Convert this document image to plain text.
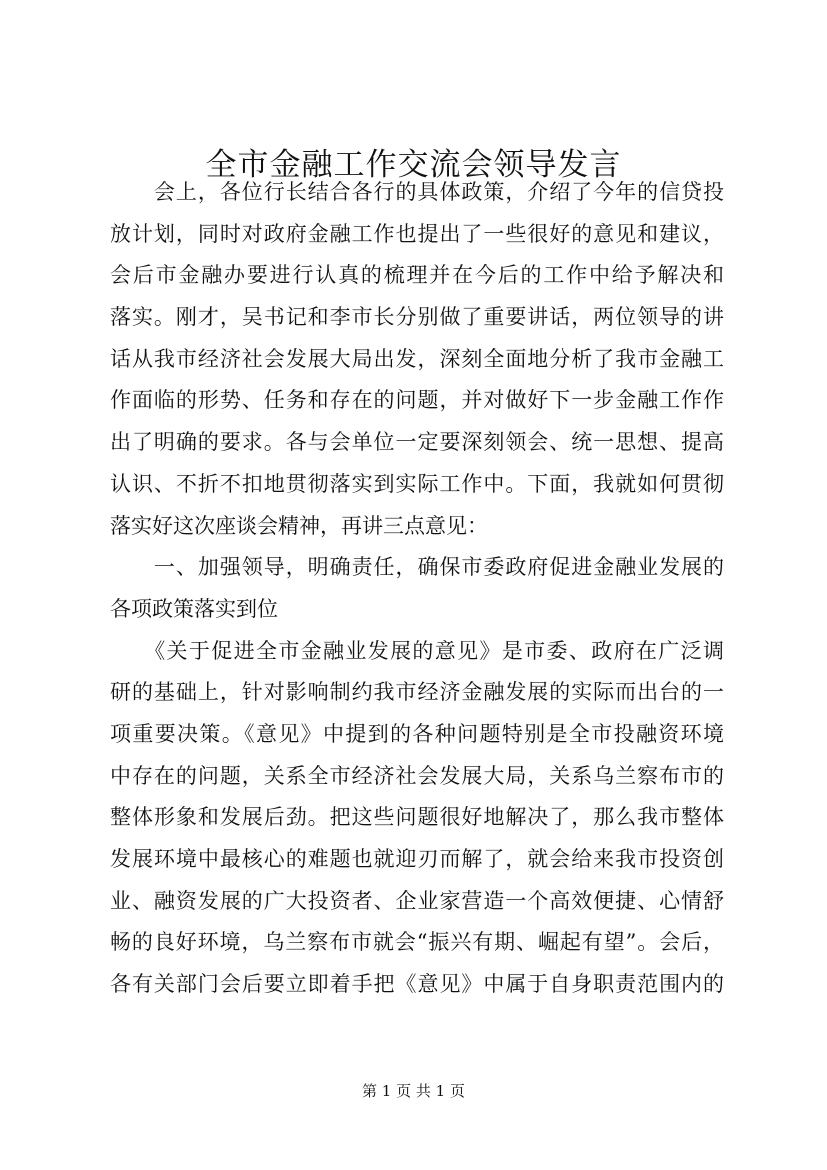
全市金融工作交流会领导发言
　　会上，各位行长结合各行的具体政策，介绍了今年的信贷投
放计划，同时对政府金融工作也提出了一些很好的意见和建议，
会后市金融办要进行认真的梳理并在今后的工作中给予解决和
落实。刚才，吴书记和李市长分别做了重要讲话，两位领导的讲
话从我市经济社会发展大局出发，深刻全面地分析了我市金融工
作面临的形势、任务和存在的问题，并对做好下一步金融工作作
出了明确的要求。各与会单位一定要深刻领会、统一思想、提高
认识、不折不扣地贯彻落实到实际工作中。下面，我就如何贯彻
落实好这次座谈会精神，再讲三点意见：
　　一、加强领导，明确责任，确保市委政府促进金融业发展的
各项政策落实到位
　　《关于促进全市金融业发展的意见》是市委、政府在广泛调
研的基础上，针对影响制约我市经济金融发展的实际而出台的一
项重要决策。《意见》中提到的各种问题特别是全市投融资环境
中存在的问题，关系全市经济社会发展大局，关系乌兰察布市的
整体形象和发展后劲。把这些问题很好地解决了，那么我市整体
发展环境中最核心的难题也就迎刃而解了，就会给来我市投资创
业、融资发展的广大投资者、企业家营造一个高效便捷、心情舒
畅的良好环境，乌兰察布市就会“振兴有期、崛起有望”。会后，
各有关部门会后要立即着手把《意见》中属于自身职责范围内的
第 1 页 共 1 页
